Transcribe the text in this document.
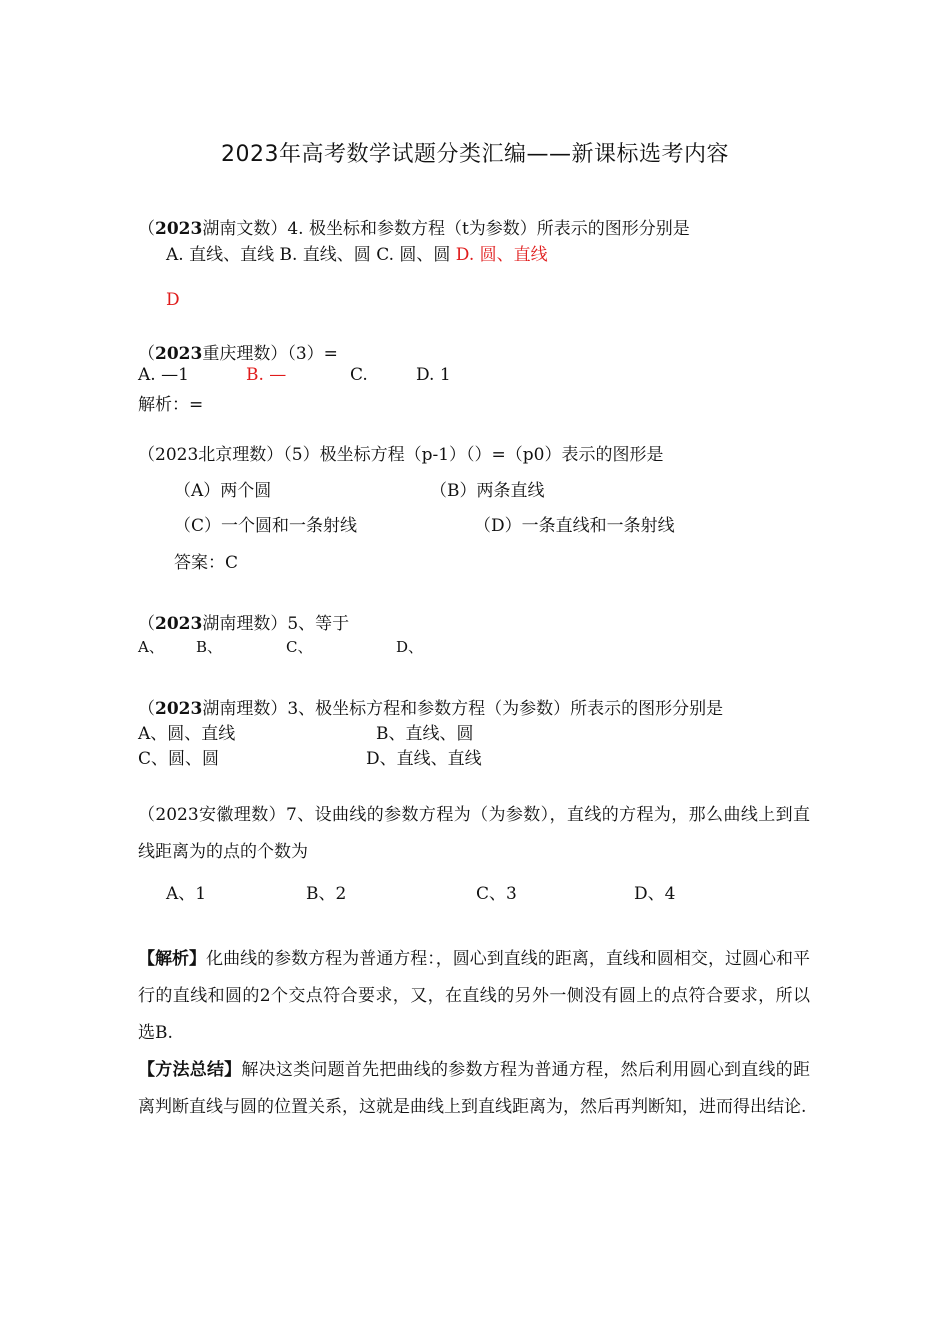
2023年高考数学试题分类汇编——新课标选考内容
（2023湖南文数）4. 极坐标和参数方程（t为参数）所表示的图形分别是
A. 直线、直线 B. 直线、圆 C. 圆、圆 D. 圆、直线
D
（2023重庆理数）（3）=
A. —1	B. —	C.	D. 1
解析：=
（2023北京理数）（5）极坐标方程（p-1）（）=（p0）表示的图形是
（A）两个圆	（B）两条直线
（C）一个圆和一条射线	（D）一条直线和一条射线
答案：C
（2023湖南理数）5、等于
A、 B、	C、	D、
（2023湖南理数）3、极坐标方程和参数方程（为参数）所表示的图形分别是
A、圆、直线	B、直线、圆
C、圆、圆	D、直线、直线
（2023安徽理数）7、设曲线的参数方程为（为参数），直线的方程为，那么曲线上到直线距离为的点的个数为
A、1	B、2	C、3	D、4
【解析】化曲线的参数方程为普通方程：，圆心到直线的距离，直线和圆相交，过圆心和平行的直线和圆的2个交点符合要求，又，在直线的另外一侧没有圆上的点符合要求，所以选B.
【方法总结】解决这类问题首先把曲线的参数方程为普通方程，然后利用圆心到直线的距离判断直线与圆的位置关系，这就是曲线上到直线距离为，然后再判断知，进而得出结论.
